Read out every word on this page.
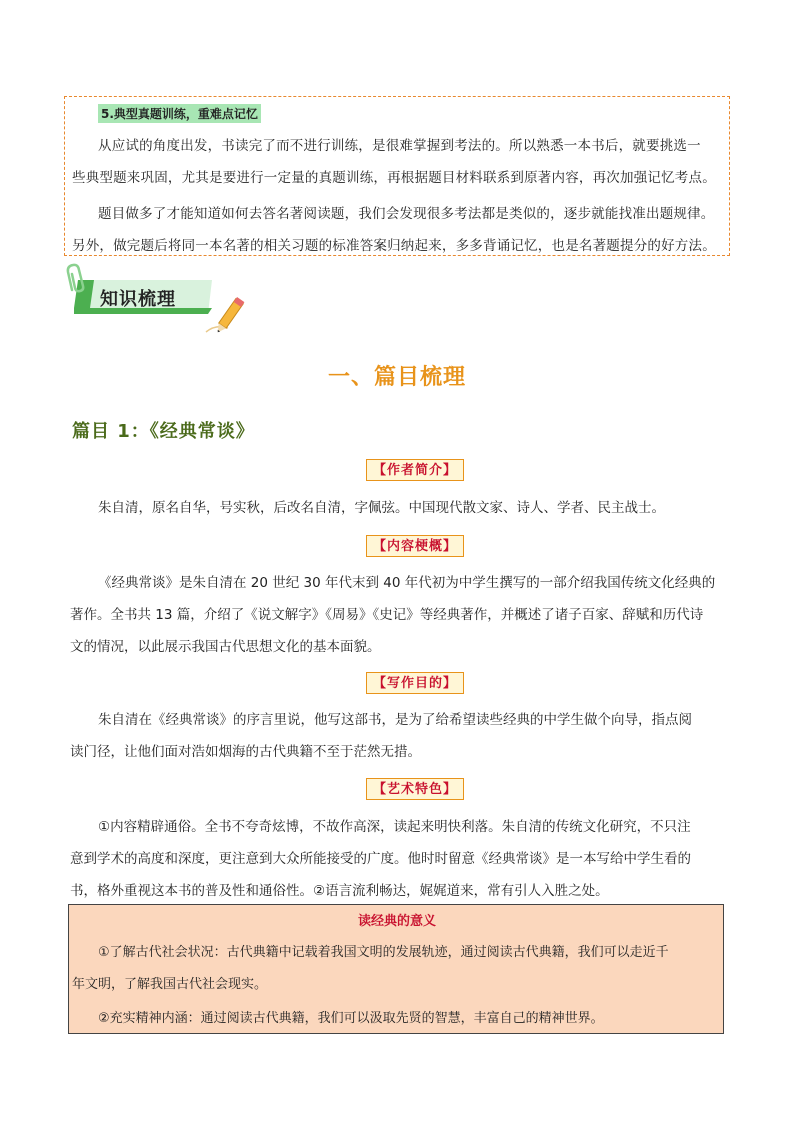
5.典型真题训练，重难点记忆

从应试的角度出发，书读完了而不进行训练，是很难掌握到考法的。所以熟悉一本书后，就要挑选一

些典型题来巩固，尤其是要进行一定量的真题训练，再根据题目材料联系到原著内容，再次加强记忆考点。

题目做多了才能知道如何去答名著阅读题，我们会发现很多考法都是类似的，逐步就能找准出题规律。

另外，做完题后将同一本名著的相关习题的标准答案归纳起来，多多背诵记忆，也是名著题提分的好方法。

知识梳理
一、篇目梳理
篇目 1：《经典常谈》
【作者简介】
朱自清，原名自华，号实秋，后改名自清，字佩弦。中国现代散文家、诗人、学者、民主战士。
【内容梗概】
《经典常谈》是朱自清在 20 世纪 30 年代末到 40 年代初为中学生撰写的一部介绍我国传统文化经典的
著作。全书共 13 篇，介绍了《说文解字》《周易》《史记》等经典著作，并概述了诸子百家、辞赋和历代诗
文的情况，以此展示我国古代思想文化的基本面貌。
【写作目的】
朱自清在《经典常谈》的序言里说，他写这部书，是为了给希望读些经典的中学生做个向导，指点阅
读门径，让他们面对浩如烟海的古代典籍不至于茫然无措。
【艺术特色】
①内容精辟通俗。全书不夸奇炫博，不故作高深，读起来明快利落。朱自清的传统文化研究，不只注
意到学术的高度和深度，更注意到大众所能接受的广度。他时时留意《经典常谈》是一本写给中学生看的
书，格外重视这本书的普及性和通俗性。②语言流利畅达，娓娓道来，常有引人入胜之处。
读经典的意义
①了解古代社会状况：古代典籍中记载着我国文明的发展轨迹，通过阅读古代典籍，我们可以走近千
年文明，了解我国古代社会现实。
②充实精神内涵：通过阅读古代典籍，我们可以汲取先贤的智慧，丰富自己的精神世界。
